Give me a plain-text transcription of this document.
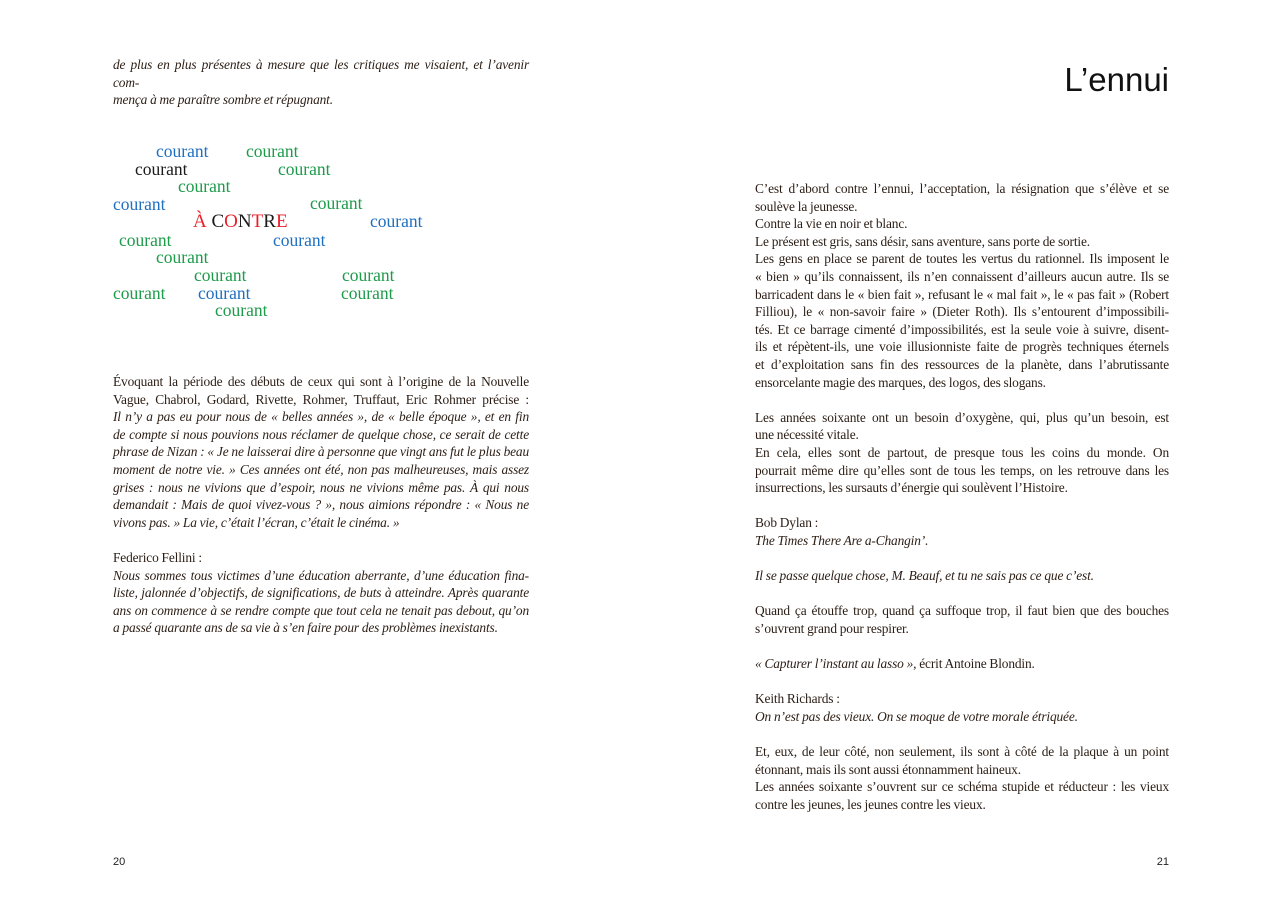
de plus en plus présentes à mesure que les critiques me visaient, et l’avenir com-
mença à me paraître sombre et répugnant.
courant courant
courant	courant
courant
courant	courant
À CONTRE	courant
courant	courant
courant
courant	courant
courant courant	courant
courant
Évoquant la période des débuts de ceux qui sont à l’origine de la Nouvelle
Vague, Chabrol, Godard, Rivette, Rohmer, Truffaut, Eric Rohmer précise :
Il n’y a pas eu pour nous de « belles années », de « belle époque », et en fin
de compte si nous pouvions nous réclamer de quelque chose, ce serait de cette
phrase de Nizan : « Je ne laisserai dire à personne que vingt ans fut le plus beau
moment de notre vie. » Ces années ont été, non pas malheureuses, mais assez
grises : nous ne vivions que d’espoir, nous ne vivions même pas. À qui nous
demandait : Mais de quoi vivez-vous ? », nous aimions répondre : « Nous ne
vivons pas. » La vie, c’était l’écran, c’était le cinéma. »
Federico Fellini :
Nous sommes tous victimes d’une éducation aberrante, d’une éducation fina-
liste, jalonnée d’objectifs, de significations, de buts à atteindre. Après quarante
ans on commence à se rendre compte que tout cela ne tenait pas debout, qu’on
a passé quarante ans de sa vie à s’en faire pour des problèmes inexistants.
20
L’ennui
C’est d’abord contre l’ennui, l’acceptation, la résignation que s’élève et se
soulève la jeunesse.
Contre la vie en noir et blanc.
Le présent est gris, sans désir, sans aventure, sans porte de sortie.
Les gens en place se parent de toutes les vertus du rationnel. Ils imposent le
« bien » qu’ils connaissent, ils n’en connaissent d’ailleurs aucun autre. Ils se
barricadent dans le « bien fait », refusant le « mal fait », le « pas fait » (Robert
Filliou), le « non-savoir faire » (Dieter Roth). Ils s’entourent d’impossibili-
tés. Et ce barrage cimenté d’impossibilités, est la seule voie à suivre, disent-
ils et répètent-ils, une voie illusionniste faite de progrès techniques éternels
et d’exploitation sans fin des ressources de la planète, dans l’abrutissante
ensorcelante magie des marques, des logos, des slogans.
Les années soixante ont un besoin d’oxygène, qui, plus qu’un besoin, est
une nécessité vitale.
En cela, elles sont de partout, de presque tous les coins du monde. On
pourrait même dire qu’elles sont de tous les temps, on les retrouve dans les
insurrections, les sursauts d’énergie qui soulèvent l’Histoire.
Bob Dylan :
The Times There Are a-Changin’.
Il se passe quelque chose, M. Beauf, et tu ne sais pas ce que c’est.
Quand ça étouffe trop, quand ça suffoque trop, il faut bien que des bouches
s’ouvrent grand pour respirer.
« Capturer l’instant au lasso », écrit Antoine Blondin.
Keith Richards :
On n’est pas des vieux. On se moque de votre morale étriquée.
Et, eux, de leur côté, non seulement, ils sont à côté de la plaque à un point
étonnant, mais ils sont aussi étonnamment haineux.
Les années soixante s’ouvrent sur ce schéma stupide et réducteur : les vieux
contre les jeunes, les jeunes contre les vieux.
21
